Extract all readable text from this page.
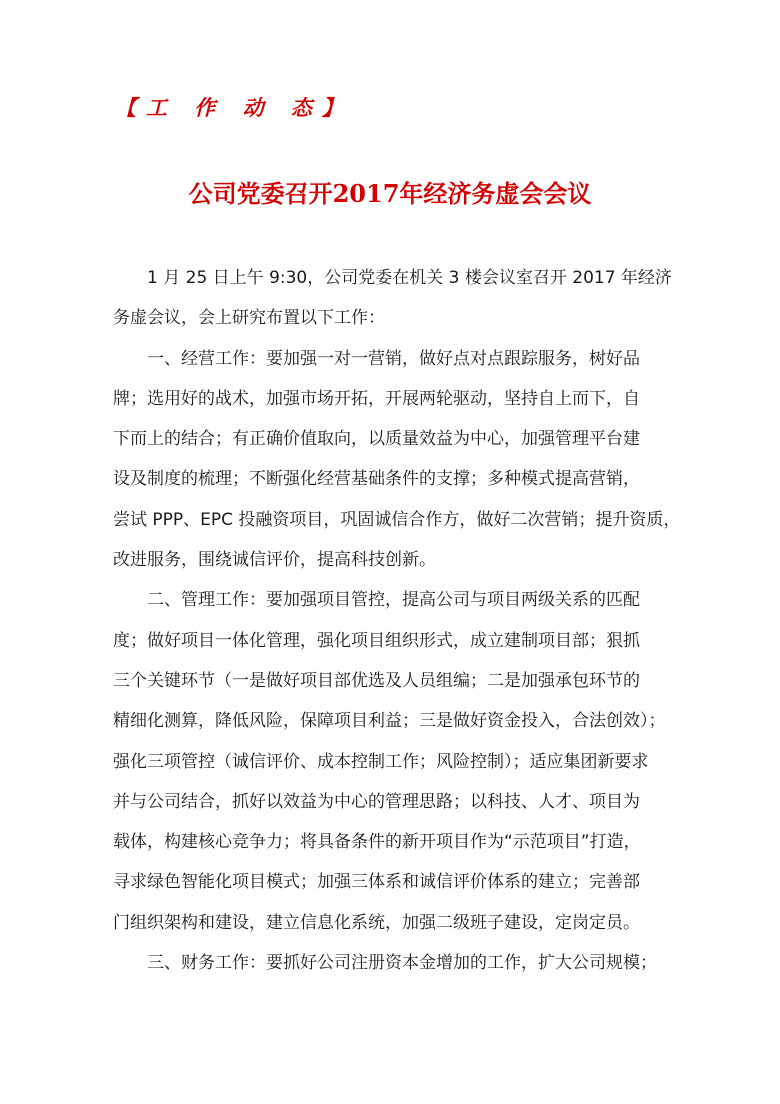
【工 作 动 态】
公司党委召开2017年经济务虚会会议
1 月 25 日上午 9:30，公司党委在机关 3 楼会议室召开 2017 年经济
务虚会议，会上研究布置以下工作：
一、经营工作：要加强一对一营销，做好点对点跟踪服务，树好品
牌；选用好的战术，加强市场开拓，开展两轮驱动，坚持自上而下，自
下而上的结合；有正确价值取向，以质量效益为中心，加强管理平台建
设及制度的梳理；不断强化经营基础条件的支撑；多种模式提高营销，
尝试 PPP、EPC 投融资项目，巩固诚信合作方，做好二次营销；提升资质，
改进服务，围绕诚信评价，提高科技创新。
二、管理工作：要加强项目管控，提高公司与项目两级关系的匹配
度；做好项目一体化管理，强化项目组织形式，成立建制项目部；狠抓
三个关键环节（一是做好项目部优选及人员组编；二是加强承包环节的
精细化测算，降低风险，保障项目利益；三是做好资金投入，合法创效）；
强化三项管控（诚信评价、成本控制工作；风险控制）；适应集团新要求
并与公司结合，抓好以效益为中心的管理思路；以科技、人才、项目为
载体，构建核心竞争力；将具备条件的新开项目作为“示范项目”打造，
寻求绿色智能化项目模式；加强三体系和诚信评价体系的建立；完善部
门组织架构和建设，建立信息化系统，加强二级班子建设，定岗定员。
三、财务工作：要抓好公司注册资本金增加的工作，扩大公司规模；
